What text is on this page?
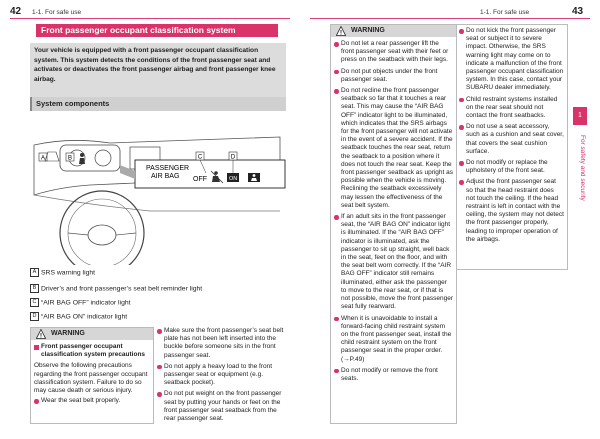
42 1-1. For safe use	1-1. For safe use	43
Front passenger occupant classification system
Your vehicle is equipped with a front passenger occupant classification system. This system detects the conditions of the front passenger seat and activates or deactivates the front passenger airbag and front passenger knee airbag.
System components
A	B	C	D
PASSENGER
AIR BAG OFF	ON
A SRS warning light
B Driver’s and front passenger’s seat belt reminder light
C “AIR BAG OFF” indicator light
D “AIR BAG ON” indicator light
! WARNING
Front passenger occupant classification system precautions
Observe the following precautions regarding the front passenger occupant classification system. Failure to do so may cause death or serious injury.
Wear the seat belt properly.
Make sure the front passenger’s seat belt plate has not been left inserted into the buckle before someone sits in the front passenger seat.
Do not apply a heavy load to the front passenger seat or equipment (e.g. seatback pocket).
Do not put weight on the front passenger seat by putting your hands or feet on the front passenger seat seatback from the rear passenger seat.
! WARNING
Do not let a rear passenger lift the front passenger seat with their feet or press on the seatback with their legs.
Do not put objects under the front passenger seat.
Do not recline the front passenger seatback so far that it touches a rear seat. This may cause the “AIR BAG OFF” indicator light to be illuminated, which indicates that the SRS airbags for the front passenger will not activate in the event of a severe accident. If the seatback touches the rear seat, return the seatback to a position where it does not touch the rear seat. Keep the front passenger seatback as upright as possible when the vehicle is moving. Reclining the seatback excessively may lessen the effectiveness of the seat belt system.
If an adult sits in the front passenger seat, the “AIR BAG ON” indicator light is illuminated. If the “AIR BAG OFF” indicator is illuminated, ask the passenger to sit up straight, well back in the seat, feet on the floor, and with the seat belt worn correctly. If the “AIR BAG OFF” indicator still remains illuminated, either ask the passenger to move to the rear seat, or if that is not possible, move the front passenger seat fully rearward.
When it is unavoidable to install a forward-facing child restraint system on the front passenger seat, install the child restraint system on the front passenger seat in the proper order. (→P.49)
Do not modify or remove the front seats.
Do not kick the front passenger seat or subject it to severe impact. Otherwise, the SRS warning light may come on to indicate a malfunction of the front passenger occupant classification system. In this case, contact your SUBARU dealer immediately.
Child restraint systems installed on the rear seat should not contact the front seatbacks.
Do not use a seat accessory, such as a cushion and seat cover, that covers the seat cushion surface.
Do not modify or replace the upholstery of the front seat.
Adjust the front passenger seat so that the head restraint does not touch the ceiling. If the head restraint is left in contact with the ceiling, the system may not detect the front passenger properly, leading to improper operation of the airbags.
1
For safety and security
